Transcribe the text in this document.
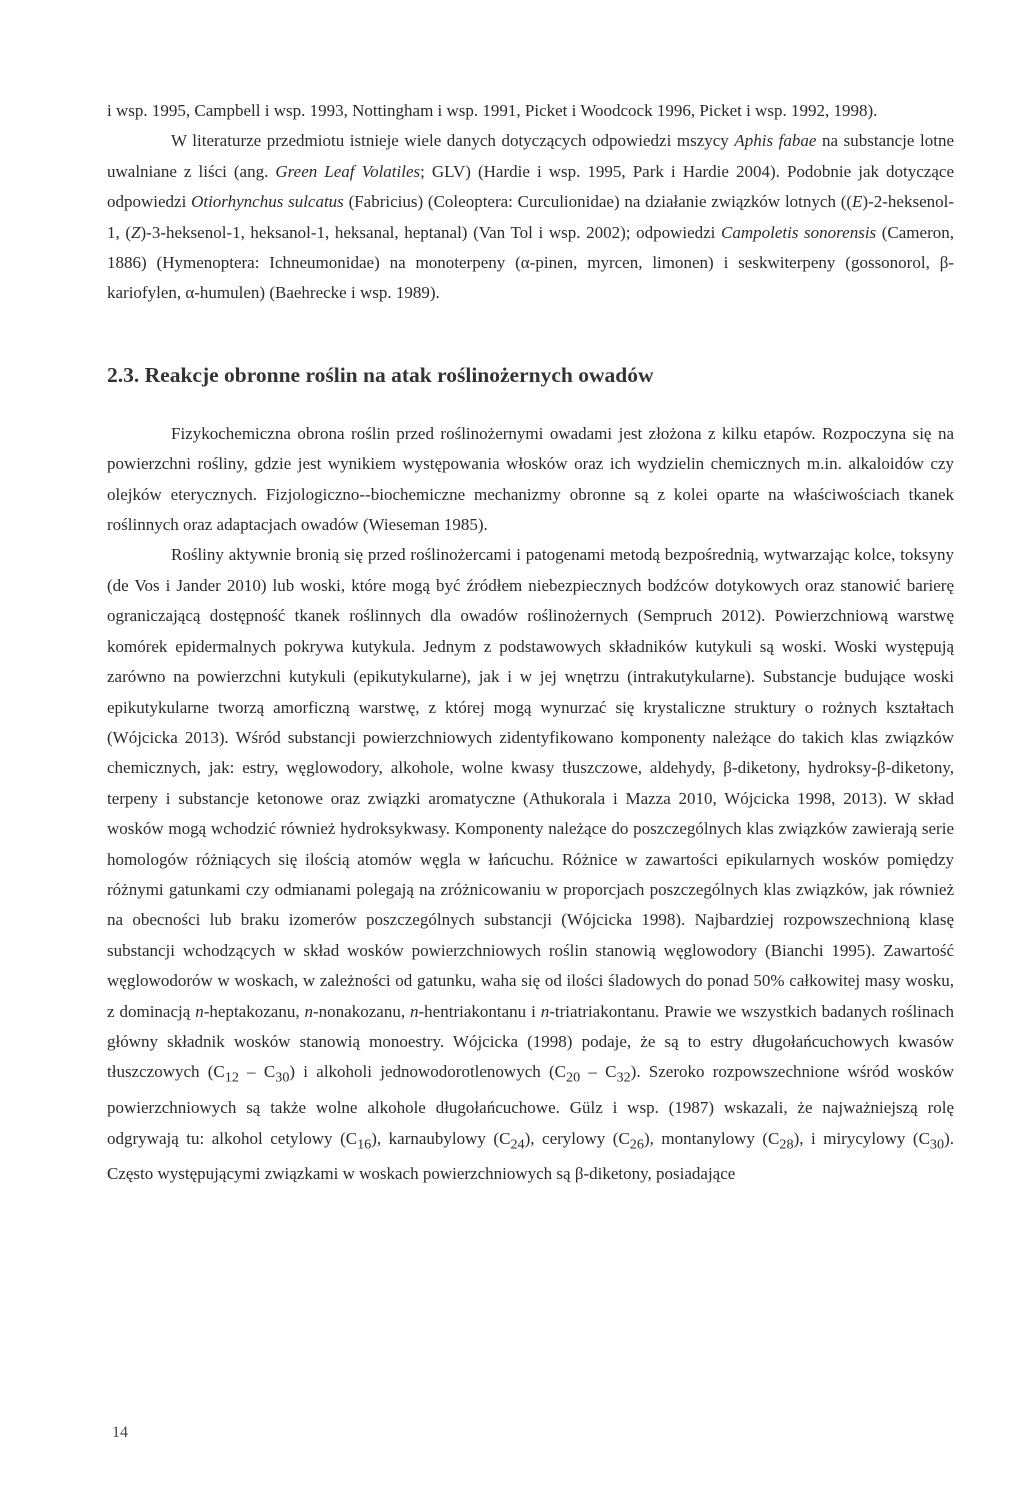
i wsp. 1995, Campbell i wsp. 1993, Nottingham i wsp. 1991, Picket i Woodcock 1996, Picket i wsp. 1992, 1998).

W literaturze przedmiotu istnieje wiele danych dotyczących odpowiedzi mszycy Aphis fabae na substancje lotne uwalniane z liści (ang. Green Leaf Volatiles; GLV) (Hardie i wsp. 1995, Park i Hardie 2004). Podobnie jak dotyczące odpowiedzi Otiorhynchus sulcatus (Fabricius) (Coleoptera: Curculionidae) na działanie związków lotnych ((E)-2-heksenol-1, (Z)-3-heksenol-1, heksanol-1, heksanal, heptanal) (Van Tol i wsp. 2002); odpowiedzi Campoletis sonorensis (Cameron, 1886) (Hymenoptera: Ichneumonidae) na monoterpeny (α-pinen, myrcen, limonen) i seskwiterpeny (gossonorol, β-kariofylen, α-humulen) (Baehrecke i wsp. 1989).

2.3. Reakcje obronne roślin na atak roślinożernych owadów

Fizykochemiczna obrona roślin przed roślinożernymi owadami jest złożona z kilku etapów. Rozpoczyna się na powierzchni rośliny, gdzie jest wynikiem występowania włosków oraz ich wydzielin chemicznych m.in. alkaloidów czy olejków eterycznych. Fizjologiczno--biochemiczne mechanizmy obronne są z kolei oparte na właściwościach tkanek roślinnych oraz adaptacjach owadów (Wieseman 1985).

Rośliny aktywnie bronią się przed roślinożercami i patogenami metodą bezpośrednią, wytwarzając kolce, toksyny (de Vos i Jander 2010) lub woski, które mogą być źródłem niebezpiecznych bodźców dotykowych oraz stanowić barierę ograniczającą dostępność tkanek roślinnych dla owadów roślinożernych (Sempruch 2012). Powierzchniową warstwę komórek epidermalnych pokrywa kutykula. Jednym z podstawowych składników kutykuli są woski. Woski występują zarówno na powierzchni kutykuli (epikutykularne), jak i w jej wnętrzu (intrakutykularne). Substancje budujące woski epikutykularne tworzą amorficzną warstwę, z której mogą wynurzać się krystaliczne struktury o rożnych kształtach (Wójcicka 2013). Wśród substancji powierzchniowych zidentyfikowano komponenty należące do takich klas związków chemicznych, jak: estry, węglowodory, alkohole, wolne kwasy tłuszczowe, aldehydy, β-diketony, hydroksy-β-diketony, terpeny i substancje ketonowe oraz związki aromatyczne (Athukorala i Mazza 2010, Wójcicka 1998, 2013). W skład wosków mogą wchodzić również hydroksykwasy. Komponenty należące do poszczególnych klas związków zawierają serie homologów różniących się ilością atomów węgla w łańcuchu. Różnice w zawartości epikularnych wosków pomiędzy różnymi gatunkami czy odmianami polegają na zróżnicowaniu w proporcjach poszczególnych klas związków, jak również na obecności lub braku izomerów poszczególnych substancji (Wójcicka 1998). Najbardziej rozpowszechnioną klasę substancji wchodzących w skład wosków powierzchniowych roślin stanowią węglowodory (Bianchi 1995). Zawartość węglowodorów w woskach, w zależności od gatunku, waha się od ilości śladowych do ponad 50% całkowitej masy wosku, z dominacją n-heptakozanu, n-nonakozanu, n-hentriakontanu i n-triatriakontanu. Prawie we wszystkich badanych roślinach główny składnik wosków stanowią monoestry. Wójcicka (1998) podaje, że są to estry długołańcuchowych kwasów tłuszczowych $(C_{12} - C_{30})$ i alkoholi jednowodorotlenowych $(C_{20} - C_{32})$. Szeroko rozpowszechnione wśród wosków powierzchniowych są także wolne alkohole długołańcuchowe. Gülz i wsp. (1987) wskazali, że najważniejszą rolę odgrywają tu: alkohol cetylowy $(C_{16})$, karnaubylowy $(C_{24})$, cerylowy $(C_{26})$, montanylowy $(C_{28})$, i mirycylowy $(C_{30})$. Często występującymi związkami w woskach powierzchniowych są β-diketony, posiadające

14
